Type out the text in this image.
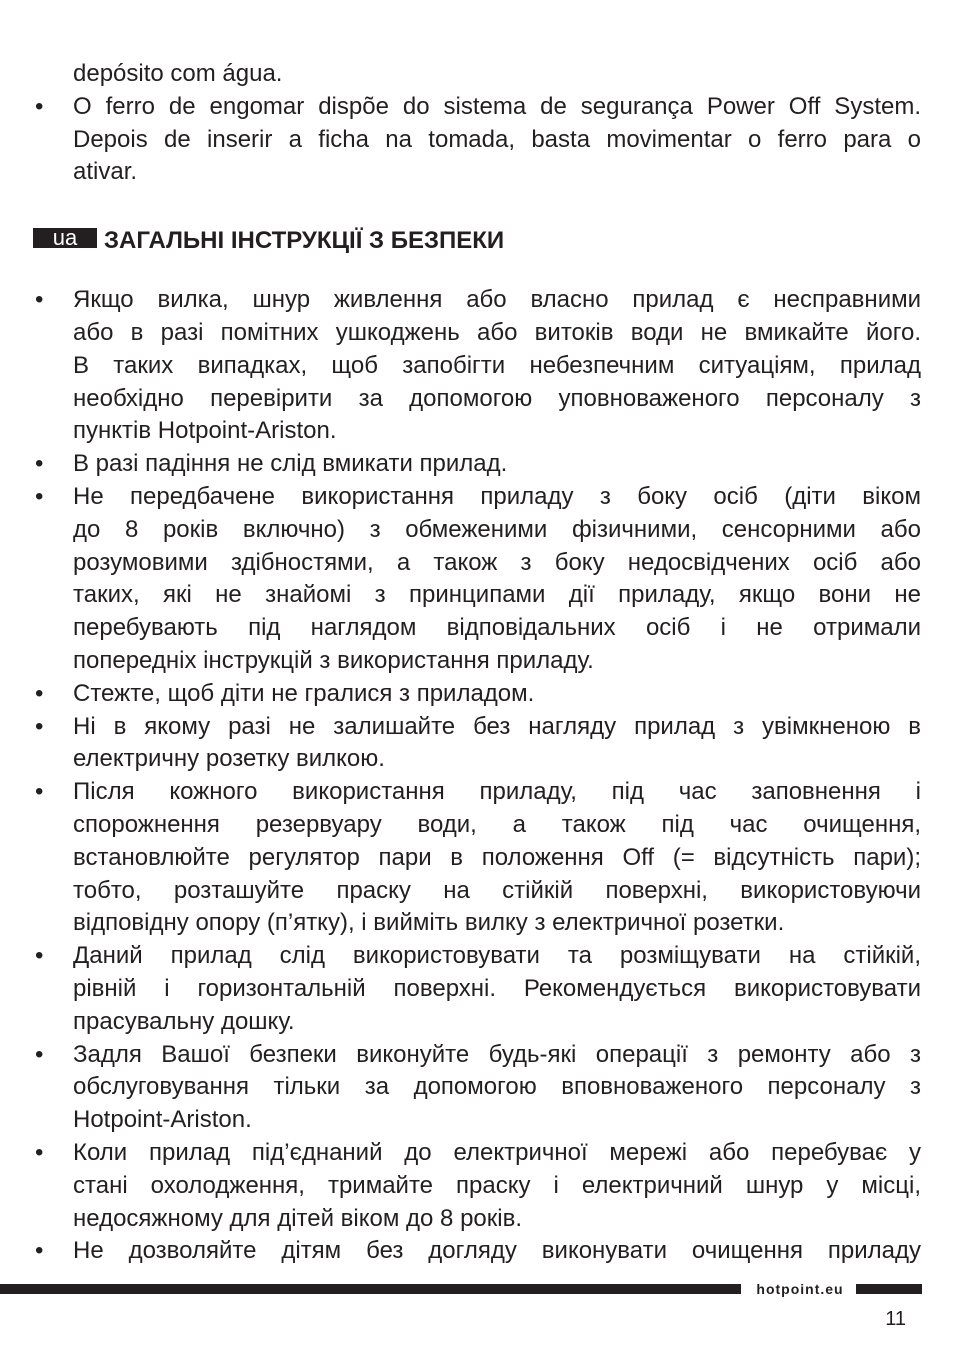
depósito com água.
• O ferro de engomar dispõe do sistema de segurança Power Off System.
Depois de inserir a ficha na tomada, basta movimentar o ferro para o
ativar.
ua	ЗАГАЛЬНІ ІНСТРУКЦІЇ З БЕЗПЕКИ
• Якщо вилка, шнур живлення або власно прилад є несправними
або в разі помітних ушкоджень або витоків води не вмикайте його.
В таких випадках, щоб запобігти небезпечним ситуаціям, прилад
необхідно перевірити за допомогою уповноваженого персоналу з
пунктів Hotpoint-Ariston.
• В разі падіння не слід вмикати прилад.
• Не передбачене використання приладу з боку осіб (діти віком
до 8 років включно) з обмеженими фізичними, сенсорними або
розумовими здібностями, а також з боку недосвідчених осіб або
таких, які не знайомі з принципами дії приладу, якщо вони не
перебувають під наглядом відповідальних осіб і не отримали
попередніх інструкцій з використання приладу.
• Стежте, щоб діти не гралися з приладом.
• Ні в якому разі не залишайте без нагляду прилад з увімкненою в
електричну розетку вилкою.
• Після кожного використання приладу, під час заповнення і
спорожнення резервуару води, а також під час очищення,
встановлюйте регулятор пари в положення Off (= відсутність пари);
тобто, розташуйте праску на стійкій поверхні, використовуючи
відповідну опору (п’ятку), і вийміть вилку з електричної розетки.
• Даний прилад слід використовувати та розміщувати на стійкій,
рівній і горизонтальній поверхні. Рекомендується використовувати
прасувальну дошку.
• Задля Вашої безпеки виконуйте будь-які операції з ремонту або з
обслуговування тільки за допомогою вповноваженого персоналу з
Hotpoint-Ariston.
• Коли прилад під’єднаний до електричної мережі або перебуває у
стані охолодження, тримайте праску і електричний шнур у місці,
недосяжному для дітей віком до 8 років.
• Не дозволяйте дітям без догляду виконувати очищення приладу
hotpoint.eu
11
